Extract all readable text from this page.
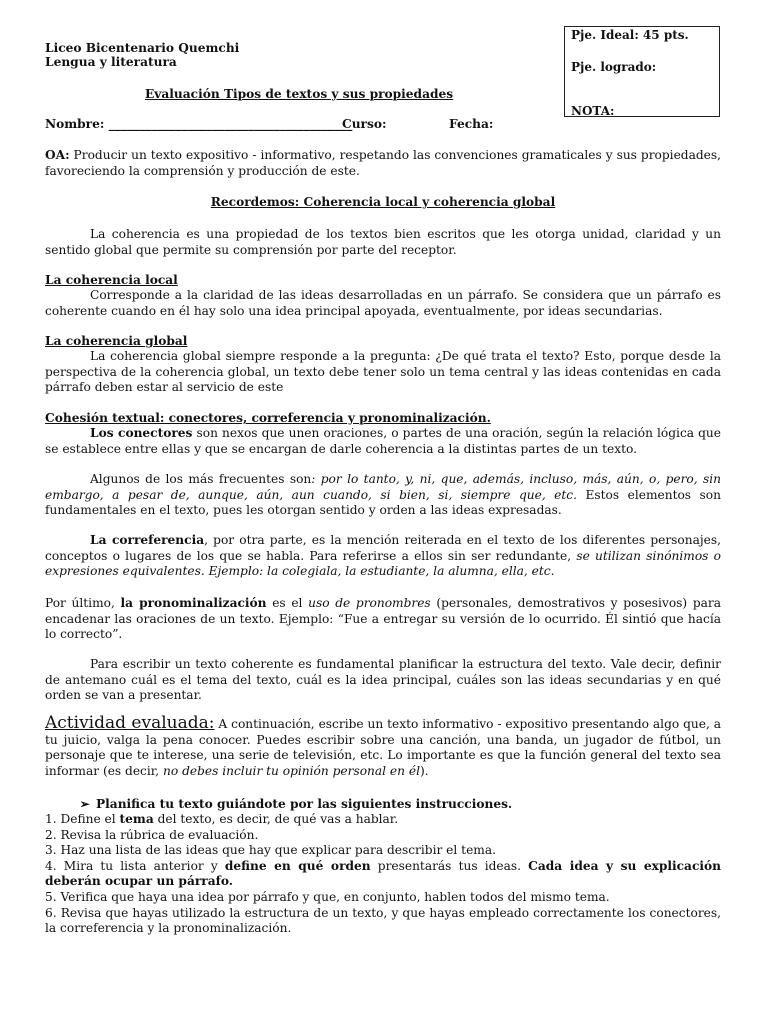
Pje. Ideal: 45 pts.
Pje. logrado:
NOTA:
Liceo Bicentenario Quemchi
Lengua y literatura
Evaluación Tipos de textos y sus propiedades
Nombre: ________________________________________
Curso:	Fecha:
OA: Producir un texto expositivo - informativo, respetando las convenciones gramaticales y sus propiedades, favoreciendo la comprensión y producción de este.
Recordemos: Coherencia local y coherencia global
La coherencia es una propiedad de los textos bien escritos que les otorga unidad, claridad y un sentido global que permite su comprensión por parte del receptor.
La coherencia local
Corresponde a la claridad de las ideas desarrolladas en un párrafo. Se considera que un párrafo es coherente cuando en él hay solo una idea principal apoyada, eventualmente, por ideas secundarias.
La coherencia global
La coherencia global siempre responde a la pregunta: ¿De qué trata el texto? Esto, porque desde la perspectiva de la coherencia global, un texto debe tener solo un tema central y las ideas contenidas en cada párrafo deben estar al servicio de este
Cohesión textual: conectores, correferencia y pronominalización.
Los conectores son nexos que unen oraciones, o partes de una oración, según la relación lógica que se establece entre ellas y que se encargan de darle coherencia a la distintas partes de un texto.
Algunos de los más frecuentes son: por lo tanto, y, ni, que, además, incluso, más, aún, o, pero, sin embargo, a pesar de, aunque, aún, aun cuando, si bien, si, siempre que, etc. Estos elementos son fundamentales en el texto, pues les otorgan sentido y orden a las ideas expresadas.
La correferencia, por otra parte, es la mención reiterada en el texto de los diferentes personajes, conceptos o lugares de los que se habla. Para referirse a ellos sin ser redundante, se utilizan sinónimos o expresiones equivalentes. Ejemplo: la colegiala, la estudiante, la alumna, ella, etc.
Por último, la pronominalización es el uso de pronombres (personales, demostrativos y posesivos) para encadenar las oraciones de un texto. Ejemplo: “Fue a entregar su versión de lo ocurrido. Él sintió que hacía lo correcto”.
Para escribir un texto coherente es fundamental planificar la estructura del texto. Vale decir, definir de antemano cuál es el tema del texto, cuál es la idea principal, cuáles son las ideas secundarias y en qué orden se van a presentar.
Actividad evaluada: A continuación, escribe un texto informativo - expositivo presentando algo que, a tu juicio, valga la pena conocer. Puedes escribir sobre una canción, una banda, un jugador de fútbol, un personaje que te interese, una serie de televisión, etc. Lo importante es que la función general del texto sea informar (es decir, no debes incluir tu opinión personal en él).
➢ Planifica tu texto guiándote por las siguientes instrucciones.
1. Define el tema del texto, es decir, de qué vas a hablar.
2. Revisa la rúbrica de evaluación.
3. Haz una lista de las ideas que hay que explicar para describir el tema.
4. Mira tu lista anterior y define en qué orden presentarás tus ideas. Cada idea y su explicación deberán ocupar un párrafo.
5. Verifica que haya una idea por párrafo y que, en conjunto, hablen todos del mismo tema.
6. Revisa que hayas utilizado la estructura de un texto, y que hayas empleado correctamente los conectores, la correferencia y la pronominalización.
